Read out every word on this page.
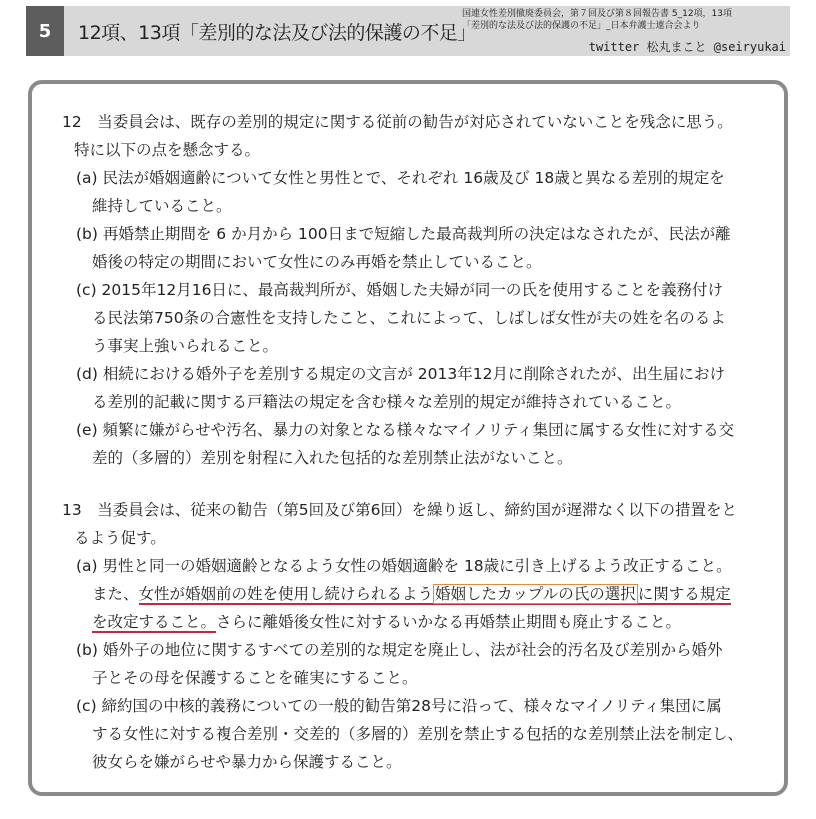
5	12項、13項「差別的な法及び法的保護の不足」
国連女性差別撤廃委員会，第７回及び第８回報告書 5_12項，13項
「差別的な法及び法的保護の不足」_日本弁護士連合会より
twitter 松丸まこと @seiryukai
12　当委員会は、既存の差別的規定に関する従前の勧告が対応されていないことを残念に思う。
特に以下の点を懸念する。
(a) 民法が婚姻適齢について女性と男性とで、それぞれ 16歳及び 18歳と異なる差別的規定を
維持していること。
(b) 再婚禁止期間を 6 か月から 100日まで短縮した最高裁判所の決定はなされたが、民法が離
婚後の特定の期間において女性にのみ再婚を禁止していること。
(c) 2015年12月16日に、最高裁判所が、婚姻した夫婦が同一の氏を使用することを義務付け
る民法第750条の合憲性を支持したこと、これによって、しばしば女性が夫の姓を名のるよ
う事実上強いられること。
(d) 相続における婚外子を差別する規定の文言が 2013年12月に削除されたが、出生届におけ
る差別的記載に関する戸籍法の規定を含む様々な差別的規定が維持されていること。
(e) 頻繁に嫌がらせや汚名、暴力の対象となる様々なマイノリティ集団に属する女性に対する交
差的（多層的）差別を射程に入れた包括的な差別禁止法がないこと。
13　当委員会は、従来の勧告（第5回及び第6回）を繰り返し、締約国が遅滞なく以下の措置をと
るよう促す。
(a) 男性と同一の婚姻適齢となるよう女性の婚姻適齢を 18歳に引き上げるよう改正すること。
また、女性が婚姻前の姓を使用し続けられるよう 婚姻したカップルの氏の選択 に関する規定
を改定すること。さらに離婚後女性に対するいかなる再婚禁止期間も廃止すること。
(b) 婚外子の地位に関するすべての差別的な規定を廃止し、法が社会的汚名及び差別から婚外
子とその母を保護することを確実にすること。
(c) 締約国の中核的義務についての一般的勧告第28号に沿って、様々なマイノリティ集団に属
する女性に対する複合差別・交差的（多層的）差別を禁止する包括的な差別禁止法を制定し、
彼女らを嫌がらせや暴力から保護すること。
